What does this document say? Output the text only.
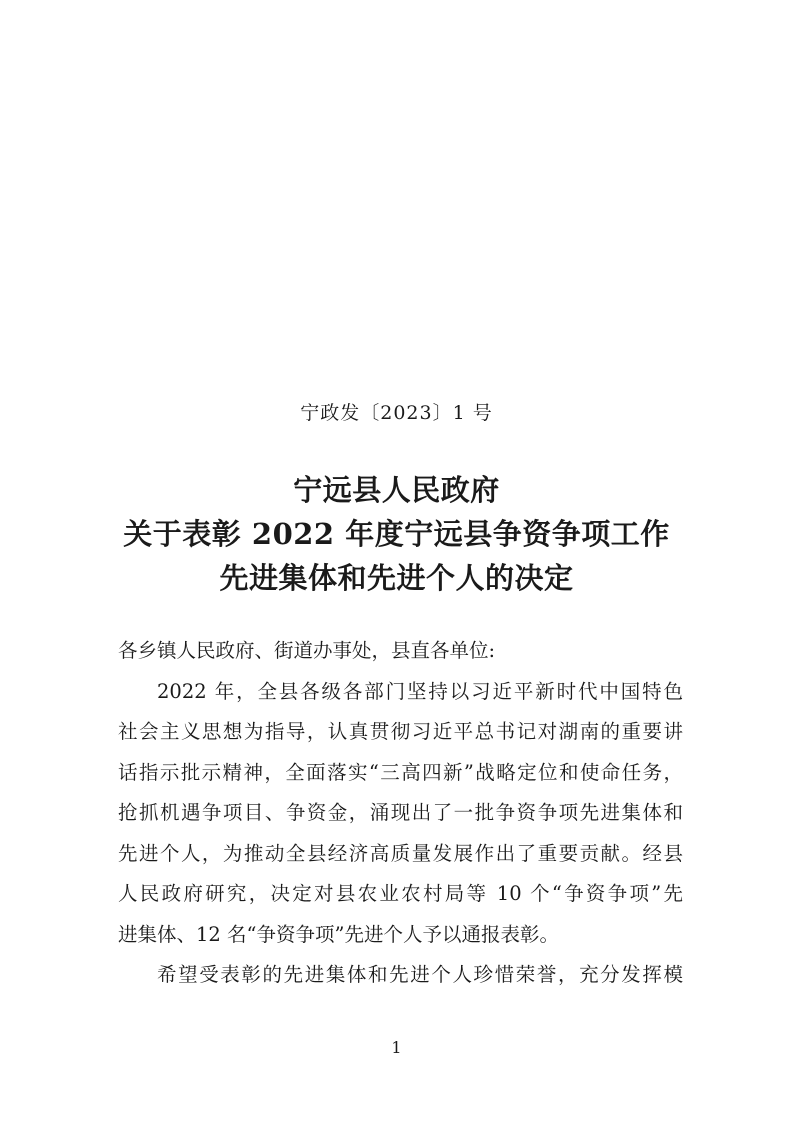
宁政发〔2023〕1 号
宁远县人民政府
关于表彰 2022 年度宁远县争资争项工作
先进集体和先进个人的决定

各乡镇人民政府、街道办事处，县直各单位:

2022 年，全县各级各部门坚持以习近平新时代中国特色
社会主义思想为指导，认真贯彻习近平总书记对湖南的重要讲
话指示批示精神，全面落实“三高四新”战略定位和使命任务，
抢抓机遇争项目、争资金，涌现出了一批争资争项先进集体和
先进个人，为推动全县经济高质量发展作出了重要贡献。经县
人民政府研究，决定对县农业农村局等 10 个“争资争项”先
进集体、12 名“争资争项”先进个人予以通报表彰。
希望受表彰的先进集体和先进个人珍惜荣誉，充分发挥模
1
